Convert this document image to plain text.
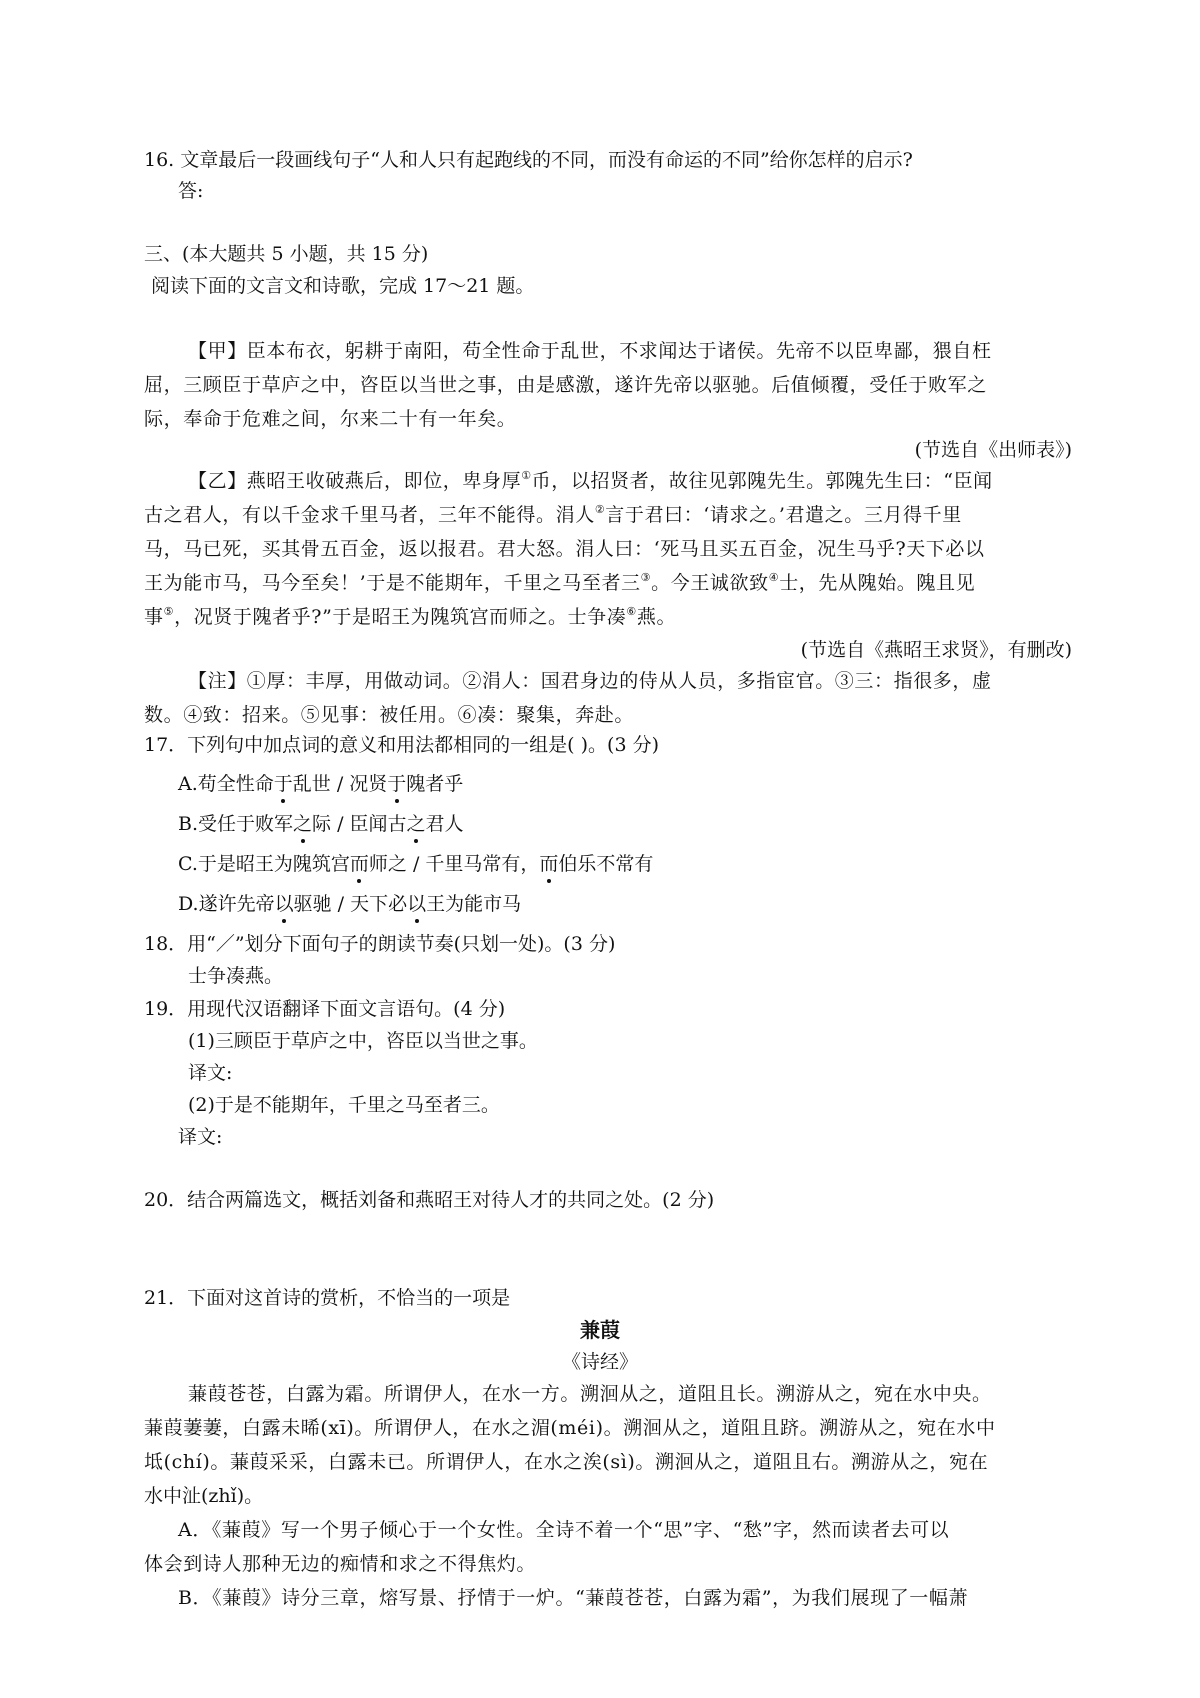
16. 文章最后一段画线句子“人和人只有起跑线的不同，而没有命运的不同”给你怎样的启示?
答:
三、(本大题共 5 小题，共 15 分)
阅读下面的文言文和诗歌，完成 17～21 题。
【甲】臣本布衣，躬耕于南阳，苟全性命于乱世，不求闻达于诸侯。先帝不以臣卑鄙，猥自枉
屈，三顾臣于草庐之中，咨臣以当世之事，由是感激，遂许先帝以驱驰。后值倾覆，受任于败军之
际，奉命于危难之间，尔来二十有一年矣。
(节选自《出师表》)
【乙】燕昭王收破燕后，即位，卑身厚①币，以招贤者，故往见郭隗先生。郭隗先生曰：“臣闻
古之君人，有以千金求千里马者，三年不能得。涓人②言于君曰：‘请求之。’君遣之。三月得千里
马，马已死，买其骨五百金，返以报君。君大怒。涓人曰：‘死马且买五百金，况生马乎?天下必以
王为能市马，马今至矣！’于是不能期年，千里之马至者三③。今王诚欲致④士，先从隗始。隗且见
事⑤，况贤于隗者乎?”于是昭王为隗筑宫而师之。士争凑⑥燕。
(节选自《燕昭王求贤》，有删改)
【注】①厚：丰厚，用做动词。②涓人：国君身边的侍从人员，多指宦官。③三：指很多，虚
数。④致：招来。⑤见事：被任用。⑥凑：聚集，奔赴。
17．下列句中加点词的意义和用法都相同的一组是( )。(3 分)
A.苟全性命于乱世 / 况贤于隗者乎
B.受任于败军之际 / 臣闻古之君人
C.于是昭王为隗筑宫而师之 / 千里马常有，而伯乐不常有
D.遂许先帝以驱驰 / 天下必以王为能市马
18．用“／”划分下面句子的朗读节奏(只划一处)。(3 分)
士争凑燕。
19．用现代汉语翻译下面文言语句。(4 分)
(1)三顾臣于草庐之中，咨臣以当世之事。
译文:
(2)于是不能期年，千里之马至者三。
译文:
20．结合两篇选文，概括刘备和燕昭王对待人才的共同之处。(2 分)
21．下面对这首诗的赏析，不恰当的一项是
兼葭
《诗经》
蒹葭苍苍，白露为霜。所谓伊人，在水一方。溯洄从之，道阻且长。溯游从之，宛在水中央。
蒹葭萋萋，白露未晞(xī)。所谓伊人，在水之湄(méi)。溯洄从之，道阻且跻。溯游从之，宛在水中
坻(chí)。蒹葭采采，白露未已。所谓伊人，在水之涘(sì)。溯洄从之，道阻且右。溯游从之，宛在
水中沚(zhǐ)。
A．《蒹葭》写一个男子倾心于一个女性。全诗不着一个“思”字、“愁”字，然而读者去可以
体会到诗人那种无边的痴情和求之不得焦灼。
B．《蒹葭》诗分三章，熔写景、抒情于一炉。“蒹葭苍苍，白露为霜”，为我们展现了一幅萧
